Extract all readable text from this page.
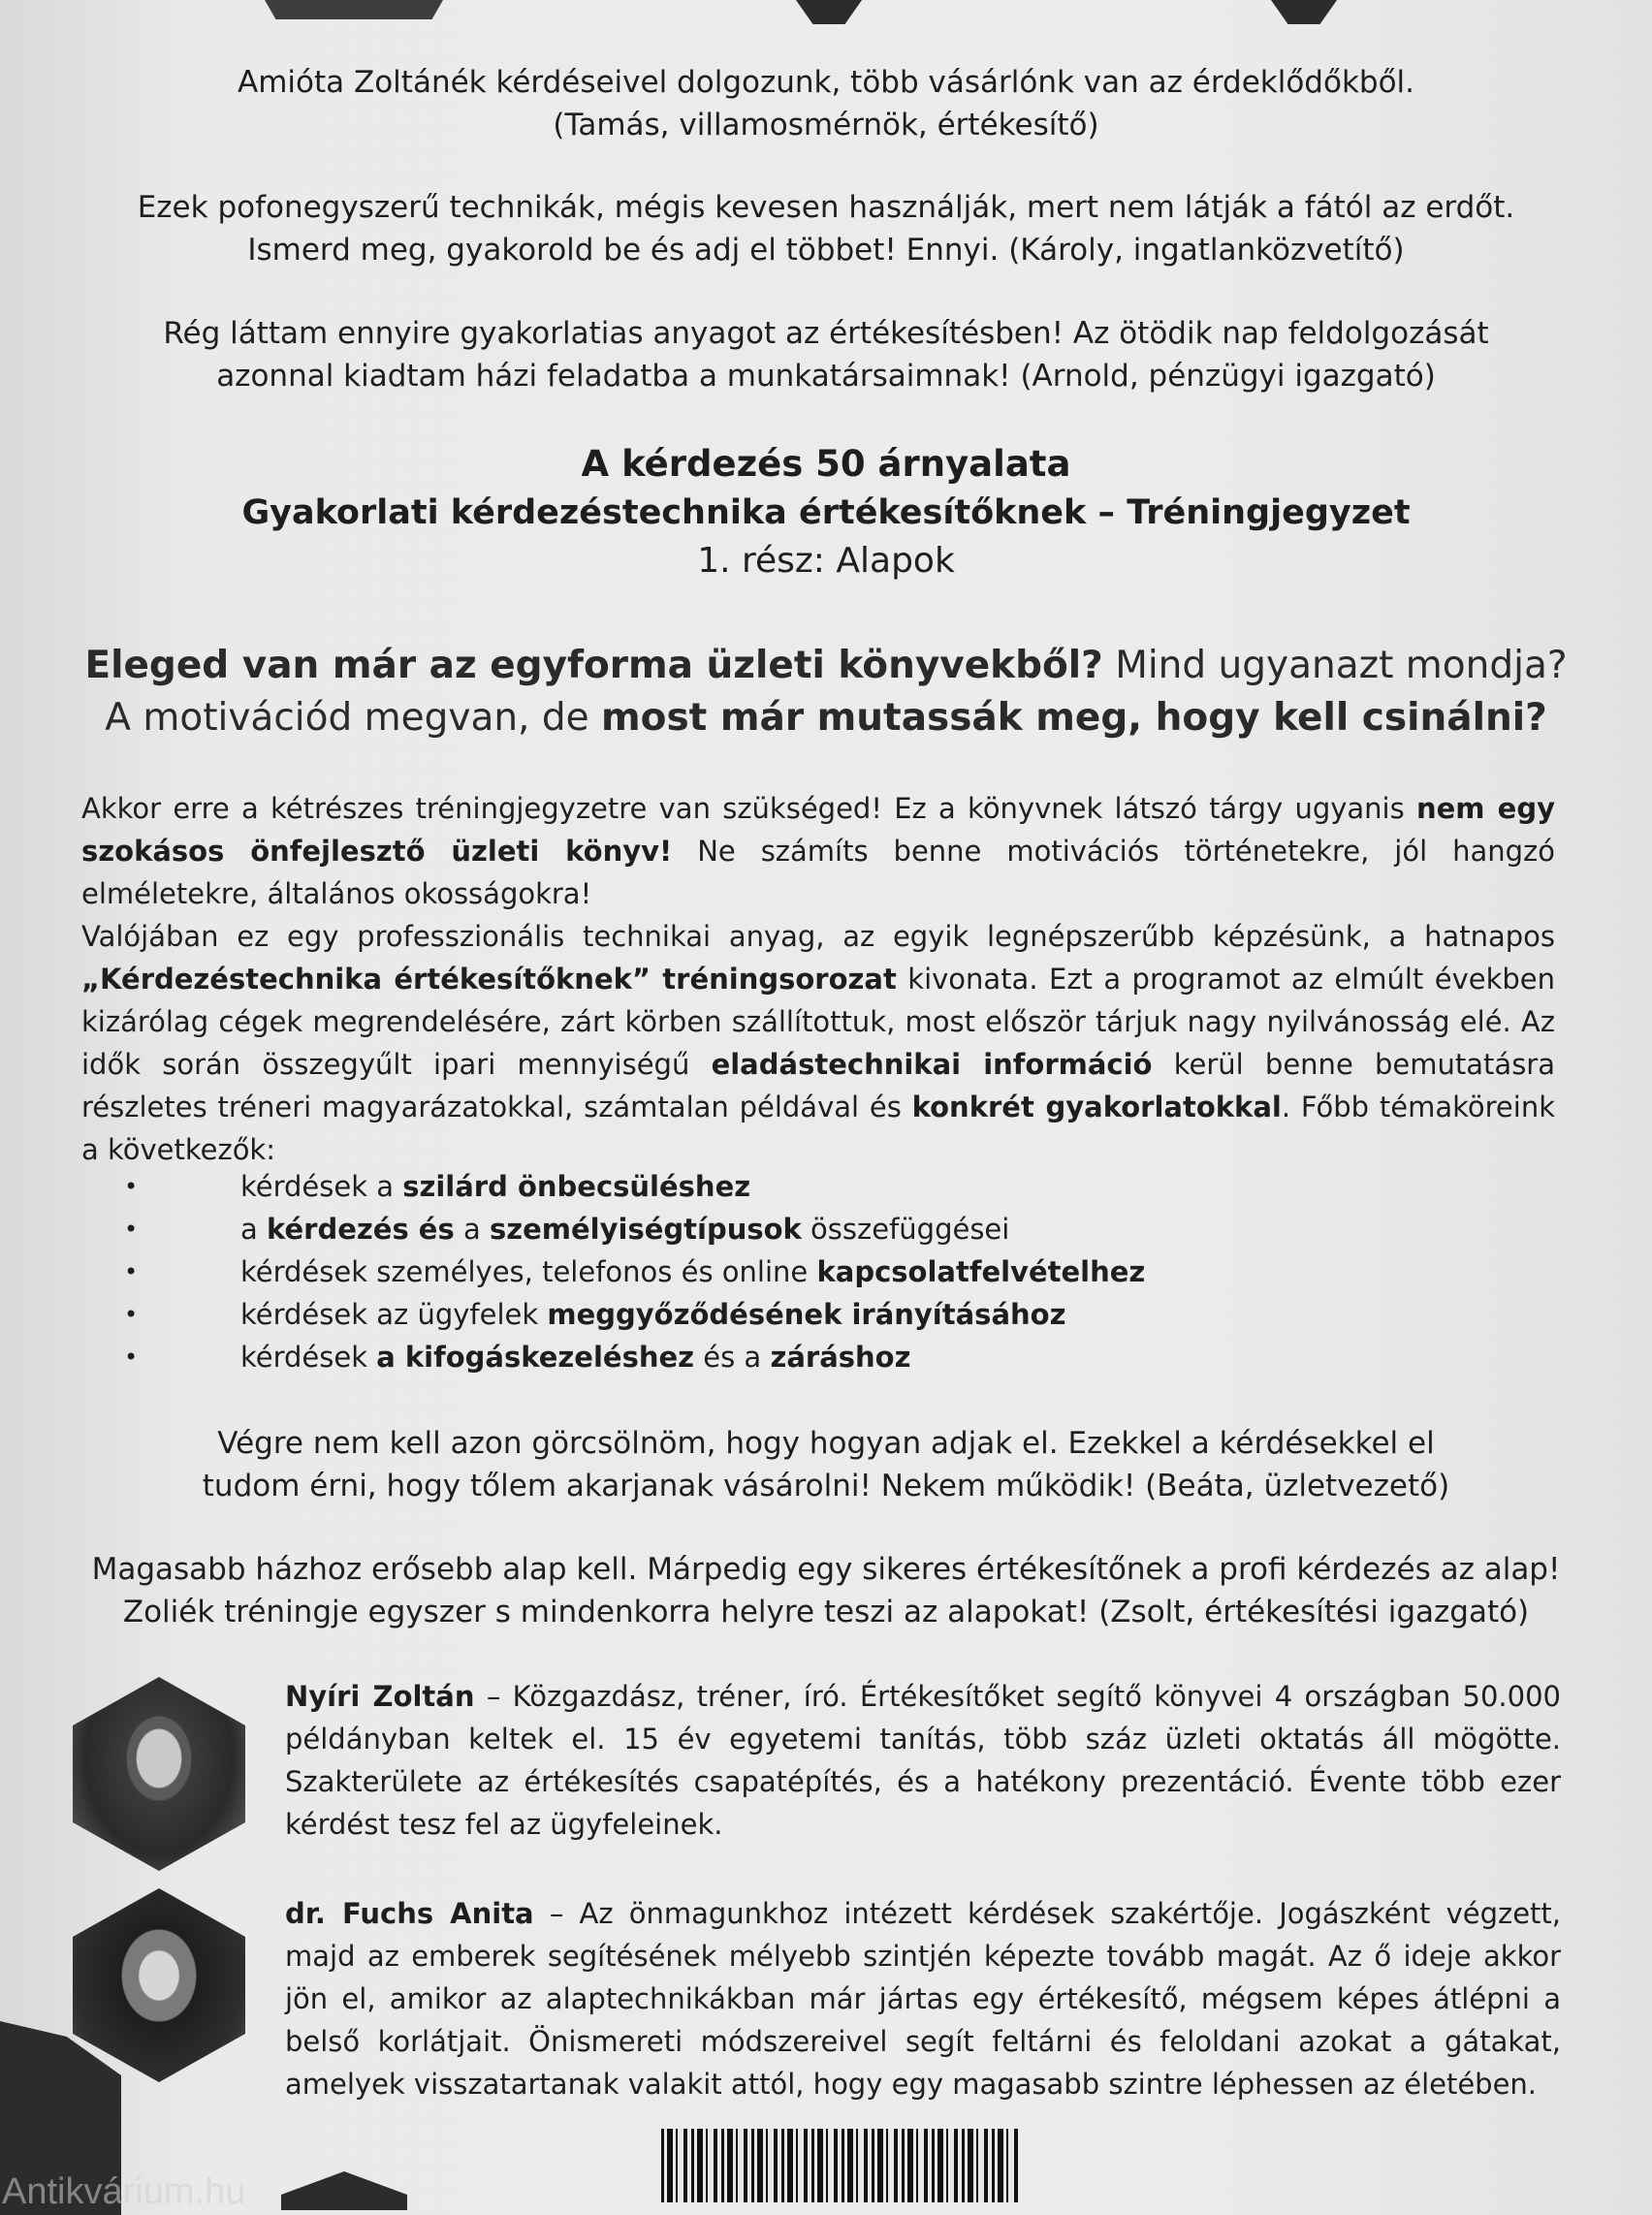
Amióta Zoltánék kérdéseivel dolgozunk, több vásárlónk van az érdeklődőkből.
(Tamás, villamosmérnök, értékesítő)
Ezek pofonegyszerű technikák, mégis kevesen használják, mert nem látják a fától az erdőt.
Ismerd meg, gyakorold be és adj el többet! Ennyi. (Károly, ingatlanközvetítő)
Rég láttam ennyire gyakorlatias anyagot az értékesítésben! Az ötödik nap feldolgozását
azonnal kiadtam házi feladatba a munkatársaimnak! (Arnold, pénzügyi igazgató)
A kérdezés 50 árnyalata
Gyakorlati kérdezéstechnika értékesítőknek – Tréningjegyzet
1. rész: Alapok
Eleged van már az egyforma üzleti könyvekből? Mind ugyanazt mondja?
A motivációd megvan, de most már mutassák meg, hogy kell csinálni?
Akkor erre a kétrészes tréningjegyzetre van szükséged! Ez a könyvnek látszó tárgy ugyanis nem egy szokásos önfejlesztő üzleti könyv! Ne számíts benne motivációs történetekre, jól hangzó elméletekre, általános okosságokra!
Valójában ez egy professzionális technikai anyag, az egyik legnépszerűbb képzésünk, a hatnapos „Kérdezéstechnika értékesítőknek” tréningsorozat kivonata. Ezt a programot az elmúlt években kizárólag cégek megrendelésére, zárt körben szállítottuk, most először tárjuk nagy nyilvánosság elé. Az idők során összegyűlt ipari mennyiségű eladástechnikai információ kerül benne bemutatásra részletes tréneri magyarázatokkal, számtalan példával és konkrét gyakorlatokkal. Főbb témaköreink a következők:
• kérdések a szilárd önbecsüléshez
• a kérdezés és a személyiségtípusok összefüggései
• kérdések személyes, telefonos és online kapcsolatfelvételhez
• kérdések az ügyfelek meggyőződésének irányításához
• kérdések a kifogáskezeléshez és a záráshoz
Végre nem kell azon görcsölnöm, hogy hogyan adjak el. Ezekkel a kérdésekkel el
tudom érni, hogy tőlem akarjanak vásárolni! Nekem működik! (Beáta, üzletvezető)
Magasabb házhoz erősebb alap kell. Márpedig egy sikeres értékesítőnek a profi kérdezés az alap!
Zoliék tréningje egyszer s mindenkorra helyre teszi az alapokat! (Zsolt, értékesítési igazgató)
Nyíri Zoltán – Közgazdász, tréner, író. Értékesítőket segítő könyvei 4 országban 50.000 példányban keltek el. 15 év egyetemi tanítás, több száz üzleti oktatás áll mögötte. Szakterülete az értékesítés csapatépítés, és a hatékony prezentáció. Évente több ezer kérdést tesz fel az ügyfeleinek.
dr. Fuchs Anita – Az önmagunkhoz intézett kérdések szakértője. Jogászként végzett, majd az emberek segítésének mélyebb szintjén képezte tovább magát. Az ő ideje akkor jön el, amikor az alaptechnikákban már jártas egy értékesítő, mégsem képes átlépni a belső korlátjait. Önismereti módszereivel segít feltárni és feloldani azokat a gátakat, amelyek visszatartanak valakit attól, hogy egy magasabb szintre léphessen az életében.
Antikvárium.hu
